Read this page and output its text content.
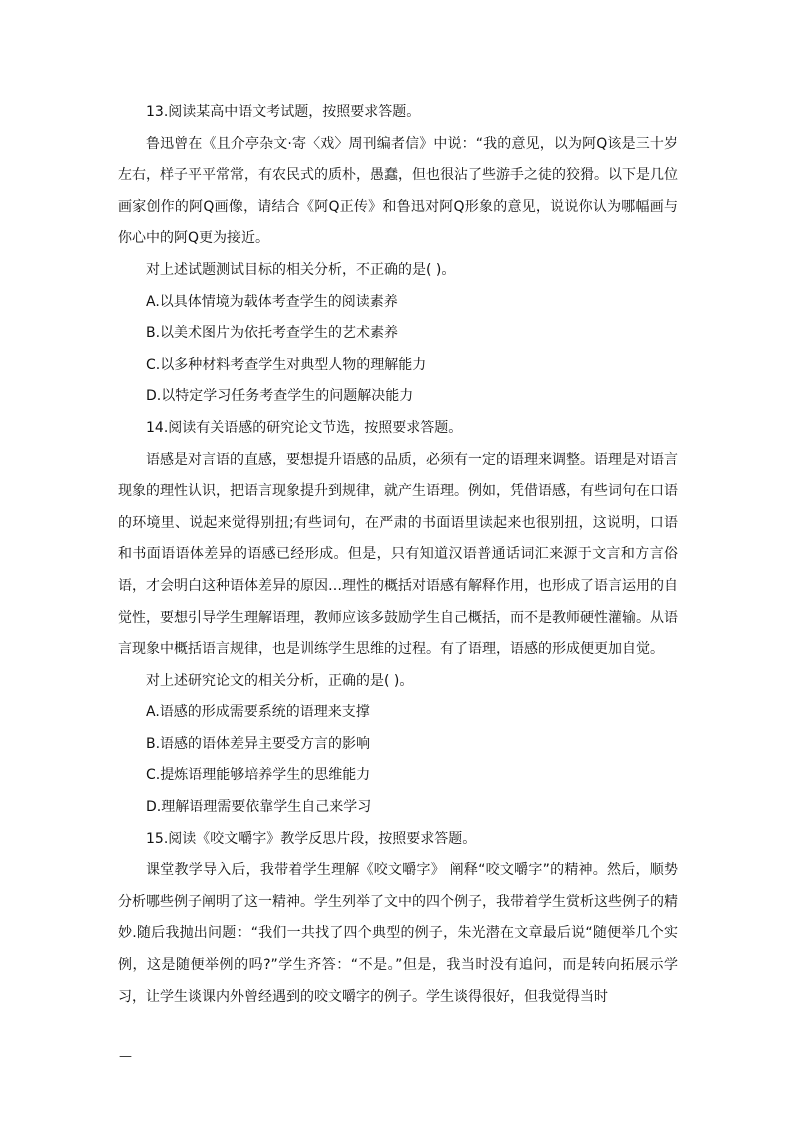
13.阅读某高中语文考试题，按照要求答题。

鲁迅曾在《且介亭杂文·寄〈戏〉周刊编者信》中说：“我的意见，以为阿Q该是三十岁左右，样子平平常常，有农民式的质朴，愚蠢，但也很沾了些游手之徒的狡猾。以下是几位画家创作的阿Q画像，请结合《阿Q正传》和鲁迅对阿Q形象的意见，说说你认为哪幅画与你心中的阿Q更为接近。

对上述试题测试目标的相关分析，不正确的是( )。

A.以具体情境为载体考查学生的阅读素养

B.以美术图片为依托考查学生的艺术素养

C.以多种材料考查学生对典型人物的理解能力

D.以特定学习任务考查学生的问题解决能力

14.阅读有关语感的研究论文节选，按照要求答题。

语感是对言语的直感，要想提升语感的品质，必须有一定的语理来调整。语理是对语言现象的理性认识，把语言现象提升到规律，就产生语理。例如，凭借语感，有些词句在口语的环境里、说起来觉得别扭;有些词句，在严肃的书面语里读起来也很别扭，这说明，口语和书面语语体差异的语感已经形成。但是，只有知道汉语普通话词汇来源于文言和方言俗语，才会明白这种语体差异的原因…理性的概括对语感有解释作用，也形成了语言运用的自觉性，要想引导学生理解语理，教师应该多鼓励学生自己概括，而不是教师硬性灌输。从语言现象中概括语言规律，也是训练学生思维的过程。有了语理，语感的形成便更加自觉。

对上述研究论文的相关分析，正确的是( )。

A.语感的形成需要系统的语理来支撑

B.语感的语体差异主要受方言的影响

C.提炼语理能够培养学生的思维能力

D.理解语理需要依靠学生自己来学习

15.阅读《咬文嚼字》教学反思片段，按照要求答题。

课堂教学导入后，我带着学生理解《咬文嚼字》 阐释“咬文嚼字”的精神。然后，顺势分析哪些例子阐明了这一精神。学生列举了文中的四个例子，我带着学生赏析这些例子的精妙.随后我抛出问题：“我们一共找了四个典型的例子，朱光潜在文章最后说“随便举几个实例，这是随便举例的吗?”学生齐答：“不是。”但是，我当时没有追问，而是转向拓展示学习，让学生谈课内外曾经遇到的咬文嚼字的例子。学生谈得很好，但我觉得当时

—
